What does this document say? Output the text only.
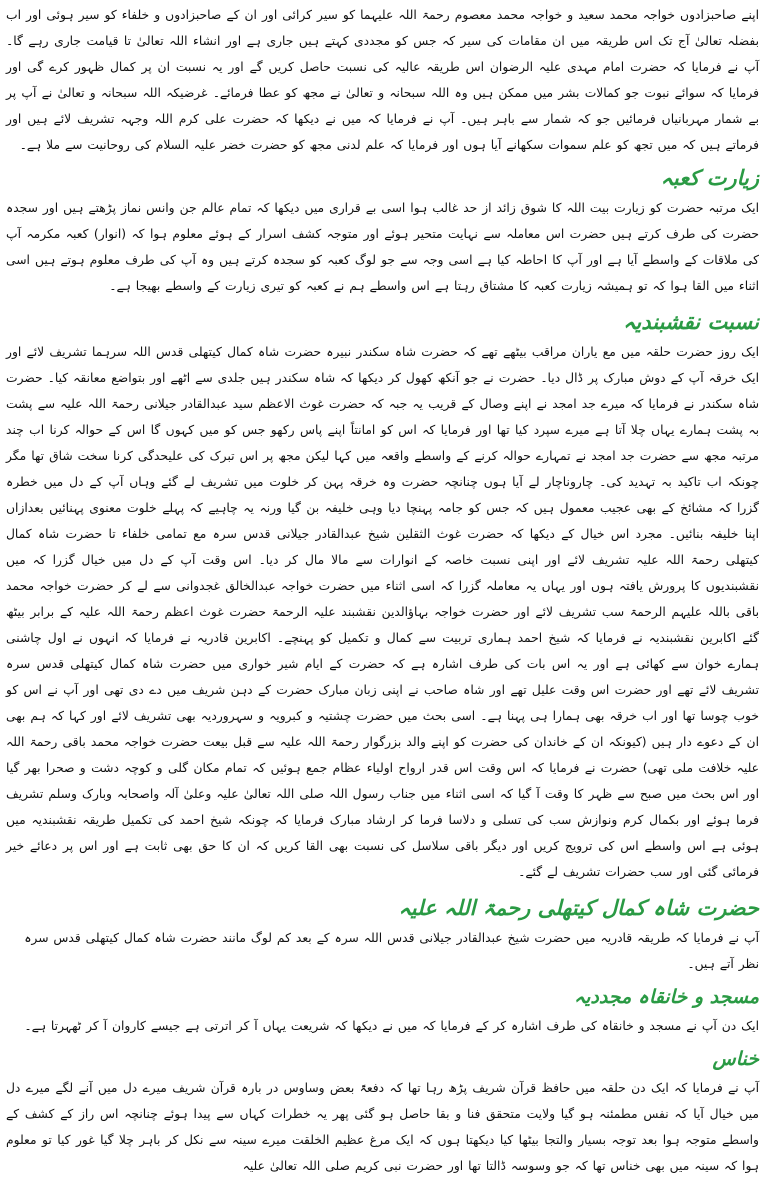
اپنے صاحبزادوں خواجہ محمد سعید و خواجہ محمد معصوم رحمۃ اللہ علیہما کو سیر کرائی اور ان کے صاحبزادوں و خلفاء کو سیر ہوئی اور اب بفضلہ تعالیٰ آج تک اس طریقہ میں ان مقامات کی سیر کہ جس کو مجددی کہتے ہیں جاری ہے اور انشاء اللہ تعالیٰ تا قیامت جاری رہے گا۔ آپ نے فرمایا کہ حضرت امام مہدی علیہ الرضوان اس طریقہ عالیہ کی نسبت حاصل کریں گے اور یہ نسبت ان پر کمال ظہور کرے گی اور فرمایا کہ سوائے نبوت جو کمالات بشر میں ممکن ہیں وہ اللہ سبحانہ و تعالیٰ نے مجھ کو عطا فرمائے۔ غرضیکہ اللہ سبحانہ و تعالیٰ نے آپ پر بے شمار مہربانیاں فرمائیں جو کہ شمار سے باہر ہیں۔ آپ نے فرمایا کہ میں نے دیکھا کہ حضرت علی کرم اللہ وجہہ تشریف لائے ہیں اور فرماتے ہیں کہ میں تجھ کو علم سموات سکھانے آیا ہوں اور فرمایا کہ علم لدنی مجھ کو حضرت خضر علیہ السلام کی روحانیت سے ملا ہے۔

زیارت کعبہ

ایک مرتبہ حضرت کو زیارت بیت اللہ کا شوق زائد از حد غالب ہوا اسی بے قراری میں دیکھا کہ تمام عالم جن وانس نماز پڑھتے ہیں اور سجدہ حضرت کی طرف کرتے ہیں حضرت اس معاملہ سے نہایت متحیر ہوئے اور متوجہ کشف اسرار کے ہوئے معلوم ہوا کہ (انوار) کعبہ مکرمہ آپ کی ملاقات کے واسطے آیا ہے اور آپ کا احاطہ کیا ہے اسی وجہ سے جو لوگ کعبہ کو سجدہ کرتے ہیں وہ آپ کی طرف معلوم ہوتے ہیں اسی اثناء میں القا ہوا کہ تو ہمیشہ زیارت کعبہ کا مشتاق رہتا ہے اس واسطے ہم نے کعبہ کو تیری زیارت کے واسطے بھیجا ہے۔

نسبت نقشبندیہ

ایک روز حضرت حلقہ میں مع یاران مراقب بیٹھے تھے کہ حضرت شاہ سکندر نبیرہ حضرت شاہ کمال کیتھلی قدس اللہ سرہما تشریف لائے اور ایک خرقہ آپ کے دوش مبارک پر ڈال دیا۔ حضرت نے جو آنکھ کھول کر دیکھا کہ شاہ سکندر ہیں جلدی سے اٹھے اور بتواضع معانقہ کیا۔ حضرت شاہ سکندر نے فرمایا کہ میرے جد امجد نے اپنے وصال کے قریب یہ جبہ کہ حضرت غوث الاعظم سید عبدالقادر جیلانی رحمۃ اللہ علیہ سے پشت بہ پشت ہمارے یہاں چلا آتا ہے میرے سپرد کیا تھا اور فرمایا کہ اس کو امانتاً اپنے پاس رکھو جس کو میں کہوں گا اس کے حوالہ کرنا اب چند مرتبہ مجھ سے حضرت جد امجد نے تمہارے حوالہ کرنے کے واسطے واقعہ میں کہا لیکن مجھ پر اس تبرک کی علیحدگی کرنا سخت شاق تھا مگر چونکہ اب تاکید بہ تہدید کی۔ چاروناچار لے آیا ہوں چنانچہ حضرت وہ خرقہ پہن کر خلوت میں تشریف لے گئے وہاں آپ کے دل میں خطرہ گزرا کہ مشائخ کے بھی عجیب معمول ہیں کہ جس کو جامہ پہنچا دیا وہی خلیفہ بن گیا ورنہ یہ چاہیے کہ پہلے خلوت معنوی پہنائیں بعدازاں اپنا خلیفہ بنائیں۔ مجرد اس خیال کے دیکھا کہ حضرت غوث الثقلین شیخ عبدالقادر جیلانی قدس سرہ مع تمامی خلفاء تا حضرت شاہ کمال کیتھلی رحمۃ اللہ علیہ تشریف لائے اور اپنی نسبت خاصہ کے انوارات سے مالا مال کر دیا۔ اس وقت آپ کے دل میں خیال گزرا کہ میں نقشبندیوں کا پرورش یافتہ ہوں اور یہاں یہ معاملہ گزرا کہ اسی اثناء میں حضرت خواجہ عبدالخالق غجدوانی سے لے کر حضرت خواجہ محمد باقی باللہ علیہم الرحمۃ سب تشریف لائے اور حضرت خواجہ بہاؤالدین نقشبند علیہ الرحمۃ حضرت غوث اعظم رحمۃ اللہ علیہ کے برابر بیٹھ گئے اکابرین نقشبندیہ نے فرمایا کہ شیخ احمد ہماری تربیت سے کمال و تکمیل کو پہنچے۔ اکابرین قادریہ نے فرمایا کہ انہوں نے اول چاشنی ہمارے خوان سے کھائی ہے اور یہ اس بات کی طرف اشارہ ہے کہ حضرت کے ایام شیر خواری میں حضرت شاہ کمال کیتھلی قدس سرہ تشریف لائے تھے اور حضرت اس وقت علیل تھے اور شاہ صاحب نے اپنی زبان مبارک حضرت کے دہن شریف میں دے دی تھی اور آپ نے اس کو خوب چوسا تھا اور اب خرقہ بھی ہمارا ہی پہنا ہے۔ اسی بحث میں حضرت چشتیہ و کبرویہ و سہروردیہ بھی تشریف لائے اور کہا کہ ہم بھی ان کے دعوے دار ہیں (کیونکہ ان کے خاندان کی حضرت کو اپنے والد بزرگوار رحمۃ اللہ علیہ سے قبل بیعت حضرت خواجہ محمد باقی رحمۃ اللہ علیہ خلافت ملی تھی) حضرت نے فرمایا کہ اس وقت اس قدر ارواح اولیاء عظام جمع ہوئیں کہ تمام مکان گلی و کوچہ دشت و صحرا بھر گیا اور اس بحث میں صبح سے ظہر کا وقت آ گیا کہ اسی اثناء میں جناب رسول اللہ صلی اللہ تعالیٰ علیہ وعلیٰ آلہ واصحابہ وبارک وسلم تشریف فرما ہوئے اور بکمال کرم ونوازش سب کی تسلی و دلاسا فرما کر ارشاد مبارک فرمایا کہ چونکہ شیخ احمد کی تکمیل طریقہ نقشبندیہ میں ہوئی ہے اس واسطے اس کی ترویج کریں اور دیگر باقی سلاسل کی نسبت بھی القا کریں کہ ان کا حق بھی ثابت ہے اور اس پر دعائے خیر فرمائی گئی اور سب حضرات تشریف لے گئے۔

حضرت شاہ کمال کیتھلی رحمۃ اللہ علیہ

آپ نے فرمایا کہ طریقہ قادریہ میں حضرت شیخ عبدالقادر جیلانی قدس اللہ سرہ کے بعد کم لوگ مانند حضرت شاہ کمال کیتھلی قدس سرہ نظر آتے ہیں۔

مسجد و خانقاہ مجددیہ

ایک دن آپ نے مسجد و خانقاہ کی طرف اشارہ کر کے فرمایا کہ میں نے دیکھا کہ شریعت یہاں آ کر اترتی ہے جیسے کاروان آ کر ٹھہرتا ہے۔

خناس

آپ نے فرمایا کہ ایک دن حلقہ میں حافظ قرآن شریف پڑھ رہا تھا کہ دفعۃً بعض وساوس در بارہ قرآن شریف میرے دل میں آنے لگے میرے دل میں خیال آیا کہ نفس مطمئنہ ہو گیا ولایت متحقق فنا و بقا حاصل ہو گئی پھر یہ خطرات کہاں سے پیدا ہوئے چنانچہ اس راز کے کشف کے واسطے متوجہ ہوا بعد توجہ بسیار والتجا بیٹھا کیا دیکھتا ہوں کہ ایک مرغ عظیم الخلقت میرے سینہ سے نکل کر باہر چلا گیا غور کیا تو معلوم ہوا کہ سینہ میں بھی خناس تھا کہ جو وسوسہ ڈالتا تھا اور حضرت نبی کریم صلی اللہ تعالیٰ علیہ
